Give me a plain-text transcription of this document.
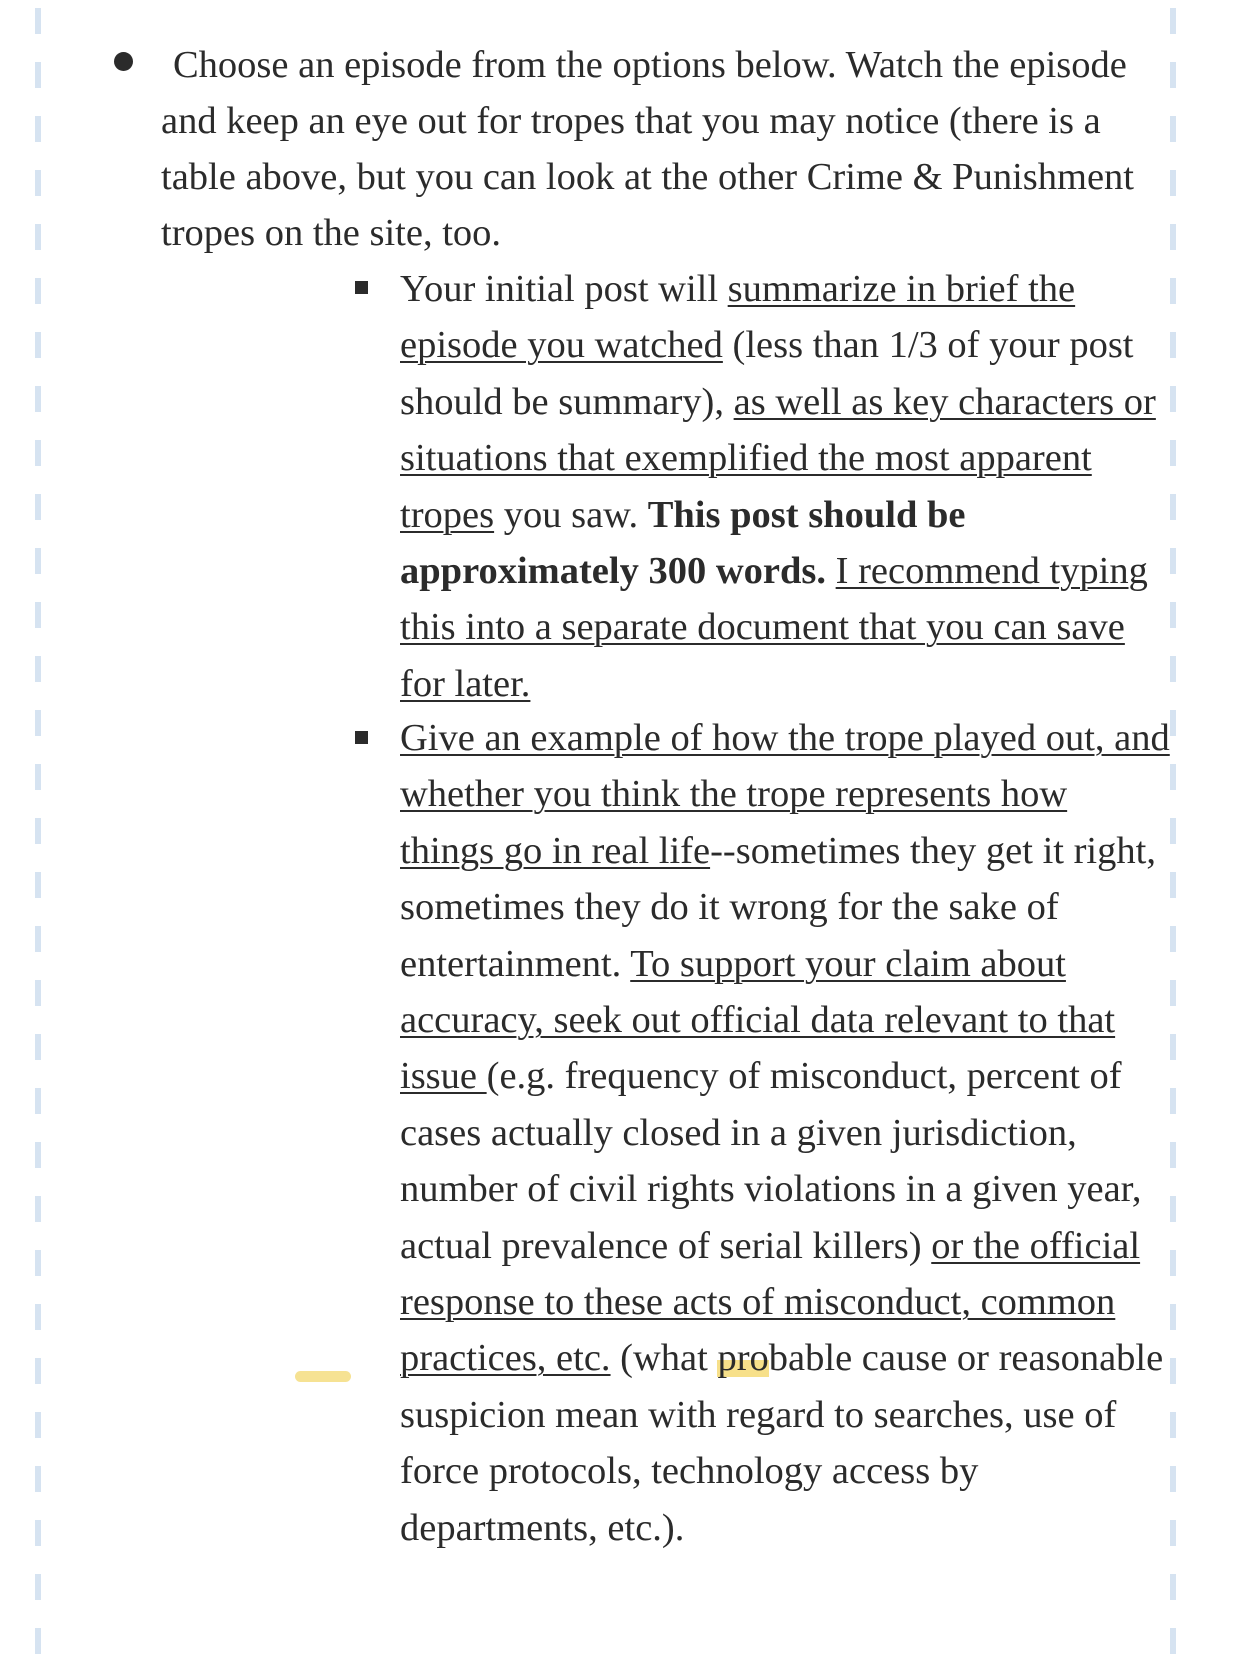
Choose an episode from the options below. Watch the episode and keep an eye out for tropes that you may notice (there is a table above, but you can look at the other Crime & Punishment tropes on the site, too.

Your initial post will summarize in brief the episode you watched (less than 1/3 of your post should be summary), as well as key characters or situations that exemplified the most apparent tropes you saw. This post should be approximately 300 words. I recommend typing this into a separate document that you can save for later.

Give an example of how the trope played out, and whether you think the trope represents how things go in real life--sometimes they get it right, sometimes they do it wrong for the sake of entertainment. To support your claim about accuracy, seek out official data relevant to that issue (e.g. frequency of misconduct, percent of cases actually closed in a given jurisdiction, number of civil rights violations in a given year, actual prevalence of serial killers) or the official response to these acts of misconduct, common practices, etc. (what probable cause or reasonable suspicion mean with regard to searches, use of force protocols, technology access by departments, etc.).
